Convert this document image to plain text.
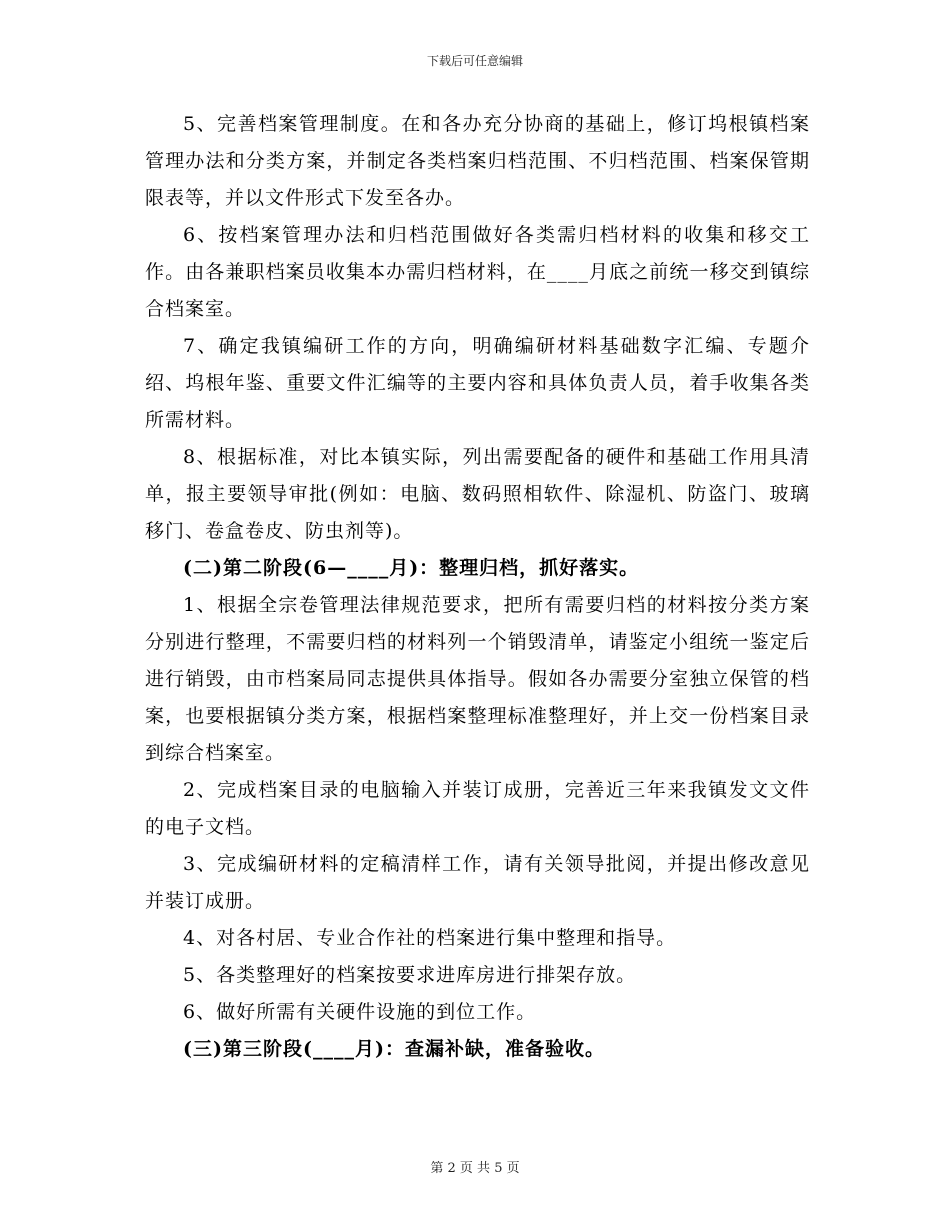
下载后可任意编辑

5、完善档案管理制度。在和各办充分协商的基础上，修订坞根镇档案管理办法和分类方案，并制定各类档案归档范围、不归档范围、档案保管期限表等，并以文件形式下发至各办。

6、按档案管理办法和归档范围做好各类需归档材料的收集和移交工作。由各兼职档案员收集本办需归档材料，在____月底之前统一移交到镇综合档案室。

7、确定我镇编研工作的方向，明确编研材料基础数字汇编、专题介绍、坞根年鉴、重要文件汇编等的主要内容和具体负责人员，着手收集各类所需材料。

8、根据标准，对比本镇实际，列出需要配备的硬件和基础工作用具清单，报主要领导审批(例如：电脑、数码照相软件、除湿机、防盗门、玻璃移门、卷盒卷皮、防虫剂等)。

(二)第二阶段(6—____月)：整理归档，抓好落实。

1、根据全宗卷管理法律规范要求，把所有需要归档的材料按分类方案分别进行整理，不需要归档的材料列一个销毁清单，请鉴定小组统一鉴定后进行销毁，由市档案局同志提供具体指导。假如各办需要分室独立保管的档案，也要根据镇分类方案，根据档案整理标准整理好，并上交一份档案目录到综合档案室。

2、完成档案目录的电脑输入并装订成册，完善近三年来我镇发文文件的电子文档。

3、完成编研材料的定稿清样工作，请有关领导批阅，并提出修改意见并装订成册。

4、对各村居、专业合作社的档案进行集中整理和指导。

5、各类整理好的档案按要求进库房进行排架存放。

6、做好所需有关硬件设施的到位工作。

(三)第三阶段(____月)：查漏补缺，准备验收。

第 2 页 共 5 页
